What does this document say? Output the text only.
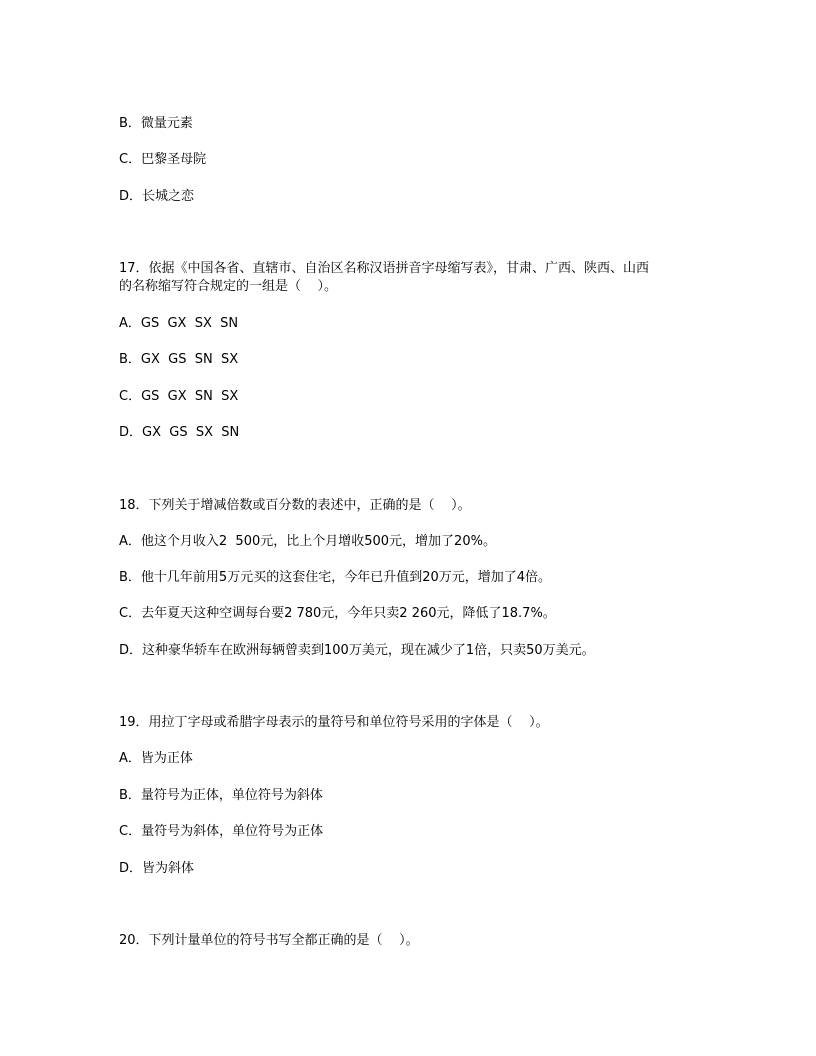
B．微量元素
C．巴黎圣母院
D．长城之恋
17．依据《中国各省、直辖市、自治区名称汉语拼音字母缩写表》，甘肃、广西、陕西、山西
的名称缩写符合规定的一组是（    ）。
A．GS  GX  SX  SN
B．GX  GS  SN  SX
C．GS  GX  SN  SX
D．GX  GS  SX  SN
18．下列关于增减倍数或百分数的表述中，正确的是（    ）。
A．他这个月收入2  500元，比上个月增收500元，增加了20%。
B．他十几年前用5万元买的这套住宅，今年已升值到20万元，增加了4倍。
C．去年夏天这种空调每台要2 780元，今年只卖2 260元，降低了18.7%。
D．这种豪华轿车在欧洲每辆曾卖到100万美元，现在减少了1倍，只卖50万美元。
19．用拉丁字母或希腊字母表示的量符号和单位符号采用的字体是（    ）。
A．皆为正体
B．量符号为正体，单位符号为斜体
C．量符号为斜体，单位符号为正体
D．皆为斜体
20．下列计量单位的符号书写全都正确的是（    ）。
